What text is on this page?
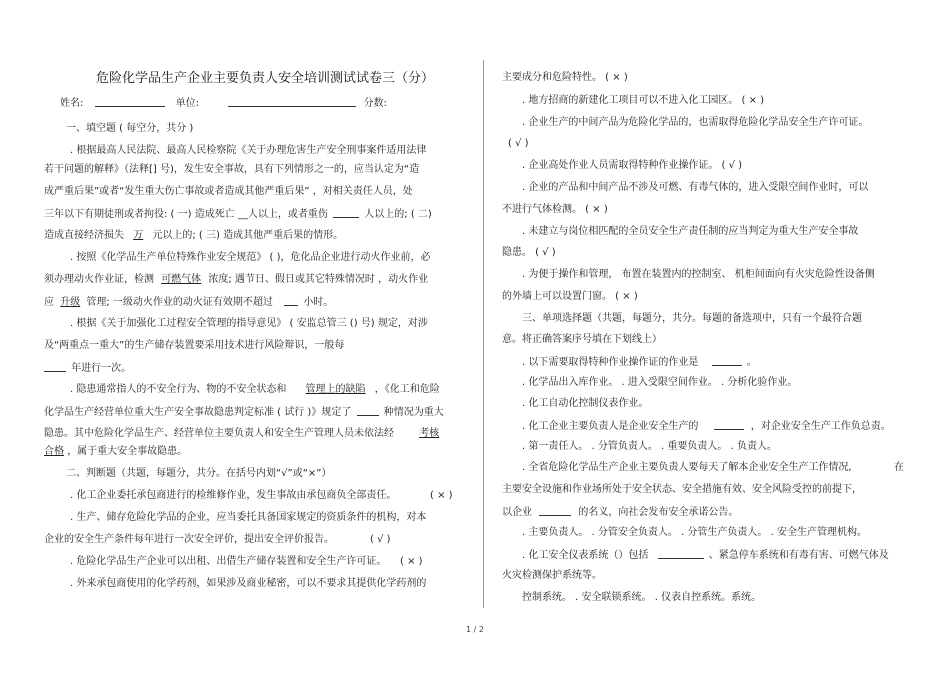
危险化学品生产企业主要负责人安全培训测试试卷三（分）
姓名:	单位:	分数:
一、填空题 ( 每空分，共分 )
. 根据最高人民法院、最高人民检察院《关于办理危害生产安全刑事案件适用法律
若干问题的解释》（法释[] 号)，发生安全事故，具有下列情形之一的，应当认定为“造
成严重后果”或者“发生重大伤亡事故或者造成其他严重后果” ，对相关责任人员，处
三年以下有期徒刑或者拘役: ( 一) 造成死亡 __人以上，或者重伤	人以上的; ( 二)
造成直接经济损失 万 元以上的; ( 三) 造成其他严重后果的情形。
. 按照《化学品生产单位特殊作业安全规范》 ( )，危化品企业进行动火作业前，必
须办理动火作业证，检测 可燃气体 浓度; 遇节日、假日或其它特殊情况时 ，动火作业
应 升级 管理; 一级动火作业的动火证有效期不超过	小时。
. 根据《关于加强化工过程安全管理的指导意见》 ( 安监总管三 () 号) 规定，对涉
及“两重点一重大”的生产储存装置要采用技术进行风险辩识，一般每
年进行一次。
. 隐患通常指人的不安全行为、物的不安全状态和 管理上的缺陷 ，《化工和危险
化学品生产经营单位重大生产安全事故隐患判定标准 ( 试行 )》规定了	种情况为重大
隐患。其中危险化学品生产、经营单位主要负责人和安全生产管理人员未依法经	考核
合格 ，属于重大安全事故隐患。
二、判断题（共题，每题分，共分。在括号内划“√”或“×”）
. 化工企业委托承包商进行的检维修作业，发生事故由承包商负全部责任。	( × )
. 生产、储存危险化学品的企业，应当委托具备国家规定的资质条件的机构，对本
企业的安全生产条件每年进行一次安全评价，提出安全评价报告。	( √ )
. 危险化学品生产企业可以出租、出借生产储存装置和安全生产许可证。 ( × )
. 外来承包商使用的化学药剂，如果涉及商业秘密，可以不要求其提供化学药剂的
主要成分和危险特性。 ( × )
. 地方招商的新建化工项目可以不进入化工园区。 ( × )
. 企业生产的中间产品为危险化学品的，也需取得危险化学品安全生产许可证。
( √ )
. 企业高处作业人员需取得特种作业操作证。 ( √ )
. 企业的产品和中间产品不涉及可燃、有毒气体的，进入受限空间作业时，可以
不进行气体检测。 ( × )
. 未建立与岗位相匹配的全员安全生产责任制的应当判定为重大生产安全事故
隐患。 ( √ )
. 为便于操作和管理， 布置在装置内的控制室、 机柜间面向有火灾危险性设备侧
的外墙上可以设置门窗。 ( × )
三、单项选择题（共题，每题分，共分。每题的备选项中，只有一个最符合题
意。将正确答案序号填在下划线上）
. 以下需要取得特种作业操作证的作业是	。
. 化学品出入库作业。 . 进入受限空间作业。 . 分析化验作业。
. 化工自动化控制仪表作业。
. 化工企业主要负责人是企业安全生产的	，对企业安全生产工作负总责。
. 第一责任人。 . 分管负责人。 . 重要负责人。 . 负责人。
. 全省危险化学品生产企业主要负责人要每天了解本企业安全生产工作情况,	在
主要安全设施和作业场所处于安全状态、安全措施有效、安全风险受控的前提下，
以企业	的名义，向社会发布安全承诺公告。
. 主要负责人。 . 分管安全负责人。 . 分管生产负责人。 . 安全生产管理机构。
. 化工安全仪表系统（）包括	、紧急停车系统和有毒有害、可燃气体及
火灾检测保护系统等。
控制系统。 . 安全联锁系统。 . 仪表自控系统。系统。
1 / 2
